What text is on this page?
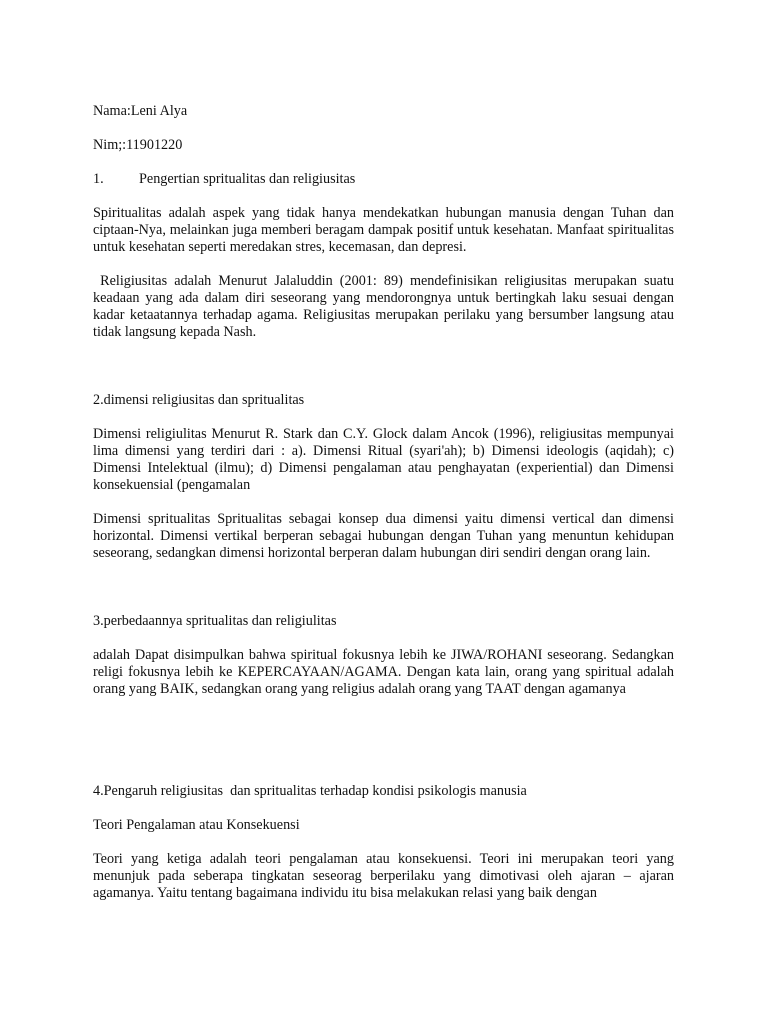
Nama:Leni Alya

Nim;:11901220

1.	Pengertian spritualitas dan religiusitas

Spiritualitas adalah aspek yang tidak hanya mendekatkan hubungan manusia dengan Tuhan dan ciptaan-Nya, melainkan juga memberi beragam dampak positif untuk kesehatan. Manfaat spiritualitas untuk kesehatan seperti meredakan stres, kecemasan, dan depresi.

Religiusitas adalah Menurut Jalaluddin (2001: 89) mendefinisikan religiusitas merupakan suatu keadaan yang ada dalam diri seseorang yang mendorongnya untuk bertingkah laku sesuai dengan kadar ketaatannya terhadap agama. Religiusitas merupakan perilaku yang bersumber langsung atau tidak langsung kepada Nash.

2.dimensi religiusitas dan spritualitas

Dimensi religiulitas Menurut R. Stark dan C.Y. Glock dalam Ancok (1996), religiusitas mempunyai lima dimensi yang terdiri dari : a). Dimensi Ritual (syari'ah); b) Dimensi ideologis (aqidah); c) Dimensi Intelektual (ilmu); d) Dimensi pengalaman atau penghayatan (experiential) dan Dimensi konsekuensial (pengamalan

Dimensi spritualitas Spritualitas sebagai konsep dua dimensi yaitu dimensi vertical dan dimensi horizontal. Dimensi vertikal berperan sebagai hubungan dengan Tuhan yang menuntun kehidupan seseorang, sedangkan dimensi horizontal berperan dalam hubungan diri sendiri dengan orang lain.

3.perbedaannya spritualitas dan religiulitas

adalah Dapat disimpulkan bahwa spiritual fokusnya lebih ke JIWA/ROHANI seseorang. Sedangkan religi fokusnya lebih ke KEPERCAYAAN/AGAMA. Dengan kata lain, orang yang spiritual adalah orang yang BAIK, sedangkan orang yang religius adalah orang yang TAAT dengan agamanya

4.Pengaruh religiusitas  dan spritualitas terhadap kondisi psikologis manusia

Teori Pengalaman atau Konsekuensi

Teori yang ketiga adalah teori pengalaman atau konsekuensi. Teori ini merupakan teori yang menunjuk pada seberapa tingkatan seseorag berperilaku yang dimotivasi oleh ajaran – ajaran agamanya. Yaitu tentang bagaimana individu itu bisa melakukan relasi yang baik dengan
